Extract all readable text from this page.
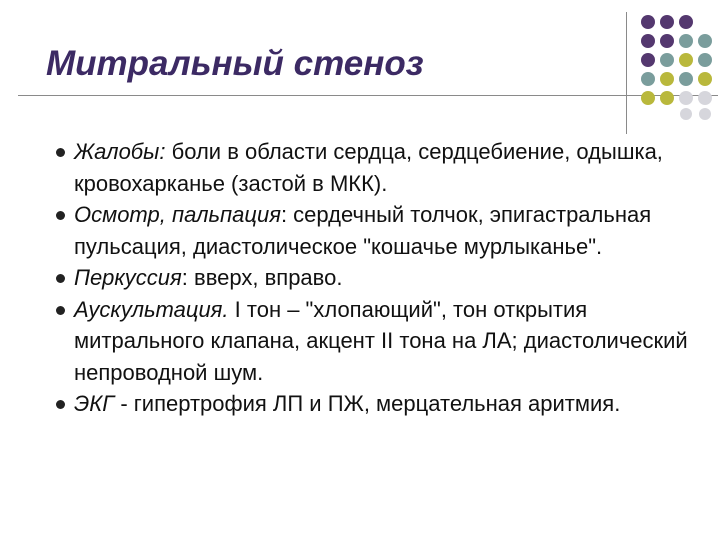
Митральный стеноз
Жалобы: боли в области сердца, сердцебиение, одышка, кровохарканье (застой в МКК).
Осмотр, пальпация: сердечный толчок, эпигастральная пульсация, диастолическое "кошачье мурлыканье".
Перкуссия: вверх, вправо.
Аускультация. I тон – "хлопающий", тон открытия митрального клапана, акцент II тона на ЛА; диастолический непроводной шум.
ЭКГ - гипертрофия ЛП и ПЖ, мерцательная аритмия.
